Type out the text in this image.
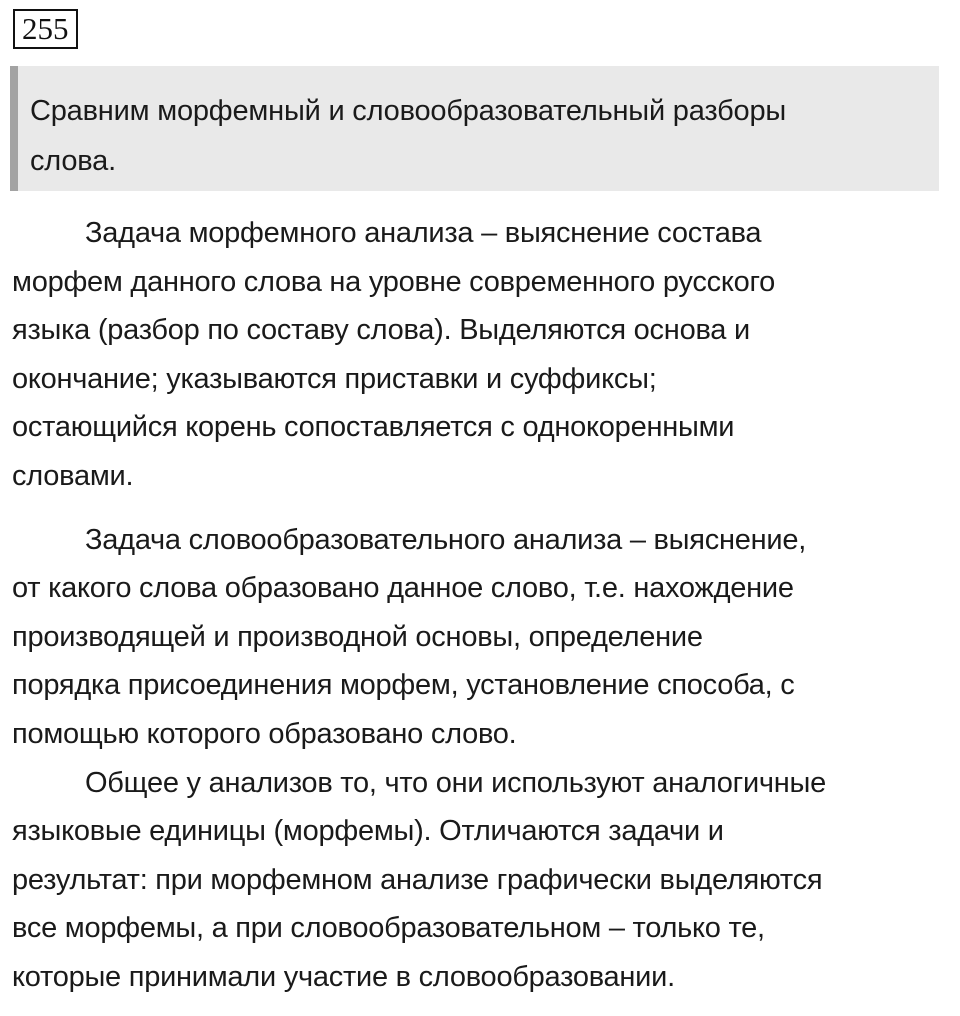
255
Сравним морфемный и словообразовательный разборы
слова.

Задача морфемного анализа – выяснение состава
морфем данного слова на уровне современного русского
языка (разбор по составу слова). Выделяются основа и
окончание; указываются приставки и суффиксы;
остающийся корень сопоставляется с однокоренными
словами.

Задача словообразовательного анализа – выяснение,
от какого слова образовано данное слово, т.е. нахождение
производящей и производной основы, определение
порядка присоединения морфем, установление способа, с
помощью которого образовано слово.

Общее у анализов то, что они используют аналогичные
языковые единицы (морфемы). Отличаются задачи и
результат: при морфемном анализе графически выделяются
все морфемы, а при словообразовательном – только те,
которые принимали участие в словообразовании.
